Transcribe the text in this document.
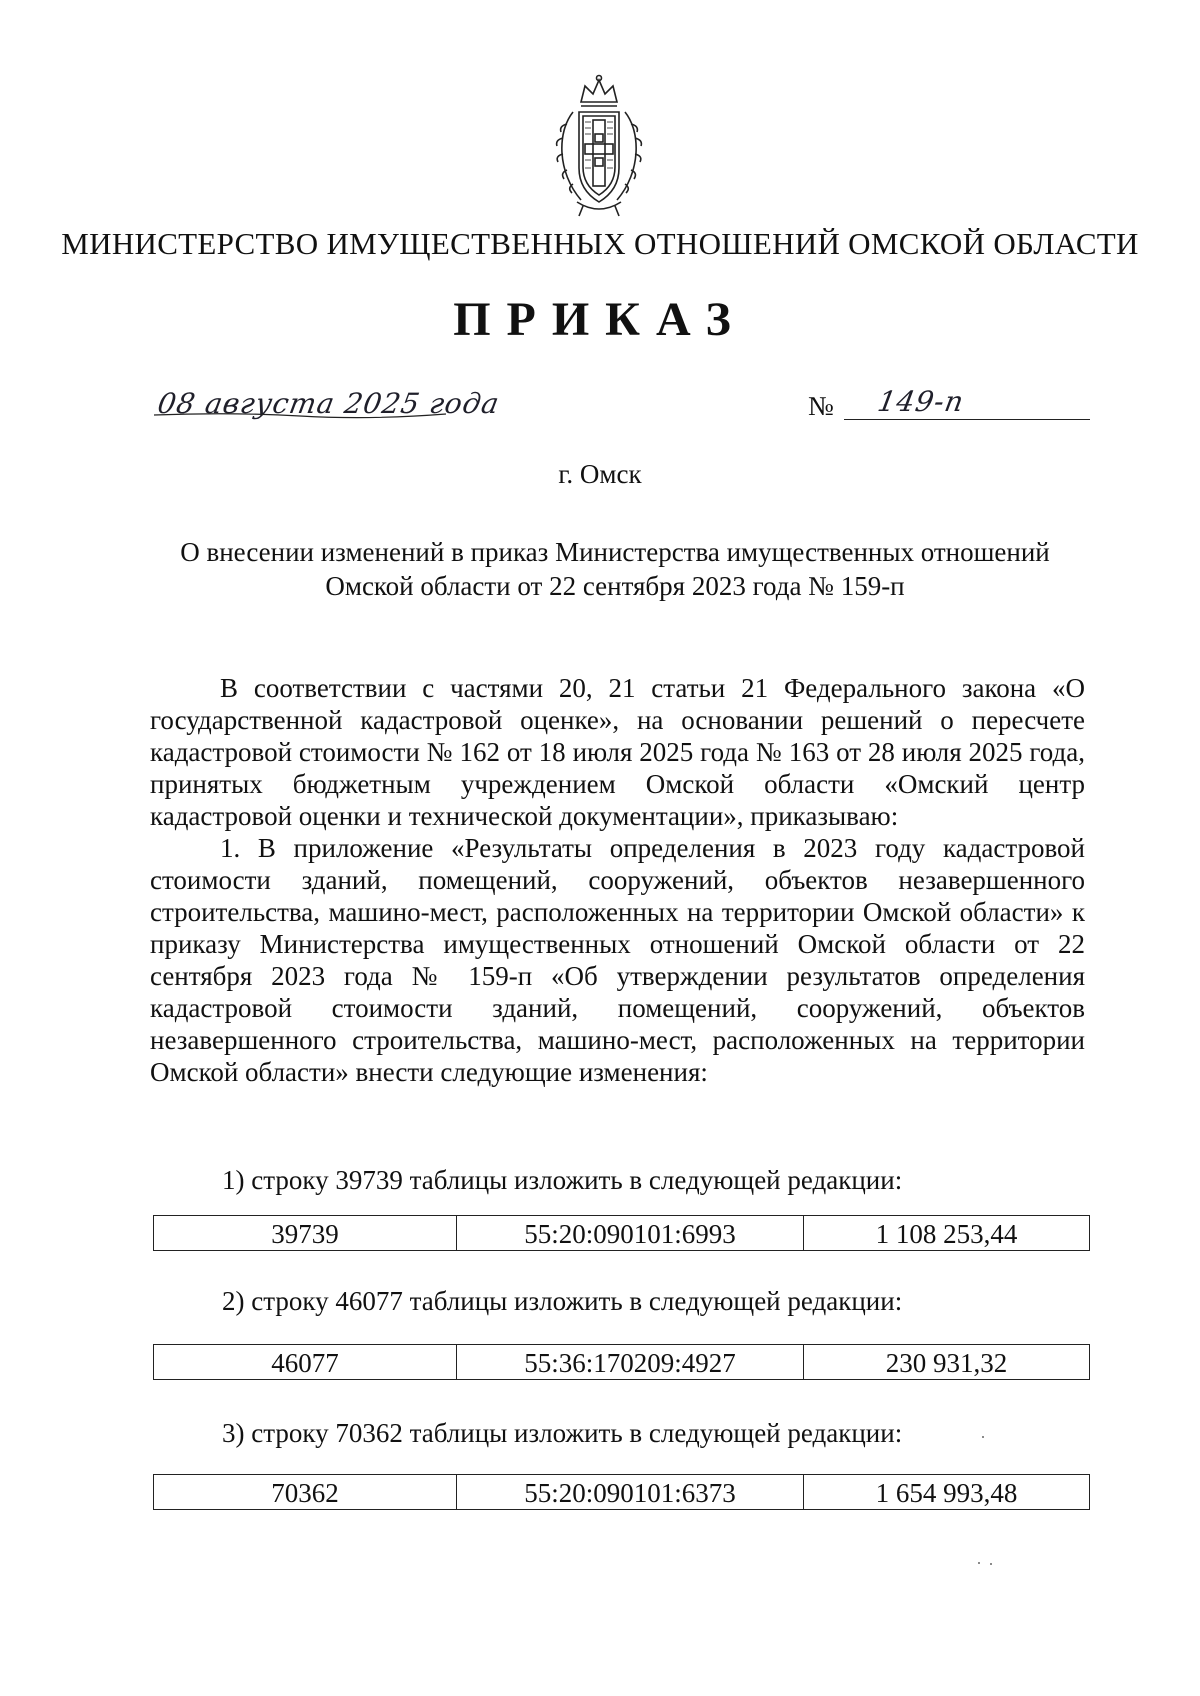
МИНИСТЕРСТВО ИМУЩЕСТВЕННЫХ ОТНОШЕНИЙ ОМСКОЙ ОБЛАСТИ
ПРИКАЗ
08 августа 2025 года	№ 149-п
г. Омск
О внесении изменений в приказ Министерства имущественных отношений
Омской области от 22 сентября 2023 года № 159-п

В соответствии с частями 20, 21 статьи 21 Федерального закона «О государственной кадастровой оценке», на основании решений о пересчете кадастровой стоимости № 162 от 18 июля 2025 года № 163 от 28 июля 2025 года, принятых бюджетным учреждением Омской области «Омский центр кадастровой оценки и технической документации», приказываю:

1. В приложение «Результаты определения в 2023 году кадастровой стоимости зданий, помещений, сооружений, объектов незавершенного строительства, машино-мест, расположенных на территории Омской области» к приказу Министерства имущественных отношений Омской области от 22 сентября 2023 года № 159-п «Об утверждении результатов определения кадастровой стоимости зданий, помещений, сооружений, объектов незавершенного строительства, машино-мест, расположенных на территории Омской области» внести следующие изменения:

1) строку 39739 таблицы изложить в следующей редакции:
39739	55:20:090101:6993	1 108 253,44
2) строку 46077 таблицы изложить в следующей редакции:
46077	55:36:170209:4927	230 931,32
3) строку 70362 таблицы изложить в следующей редакции:
70362	55:20:090101:6373	1 654 993,48
